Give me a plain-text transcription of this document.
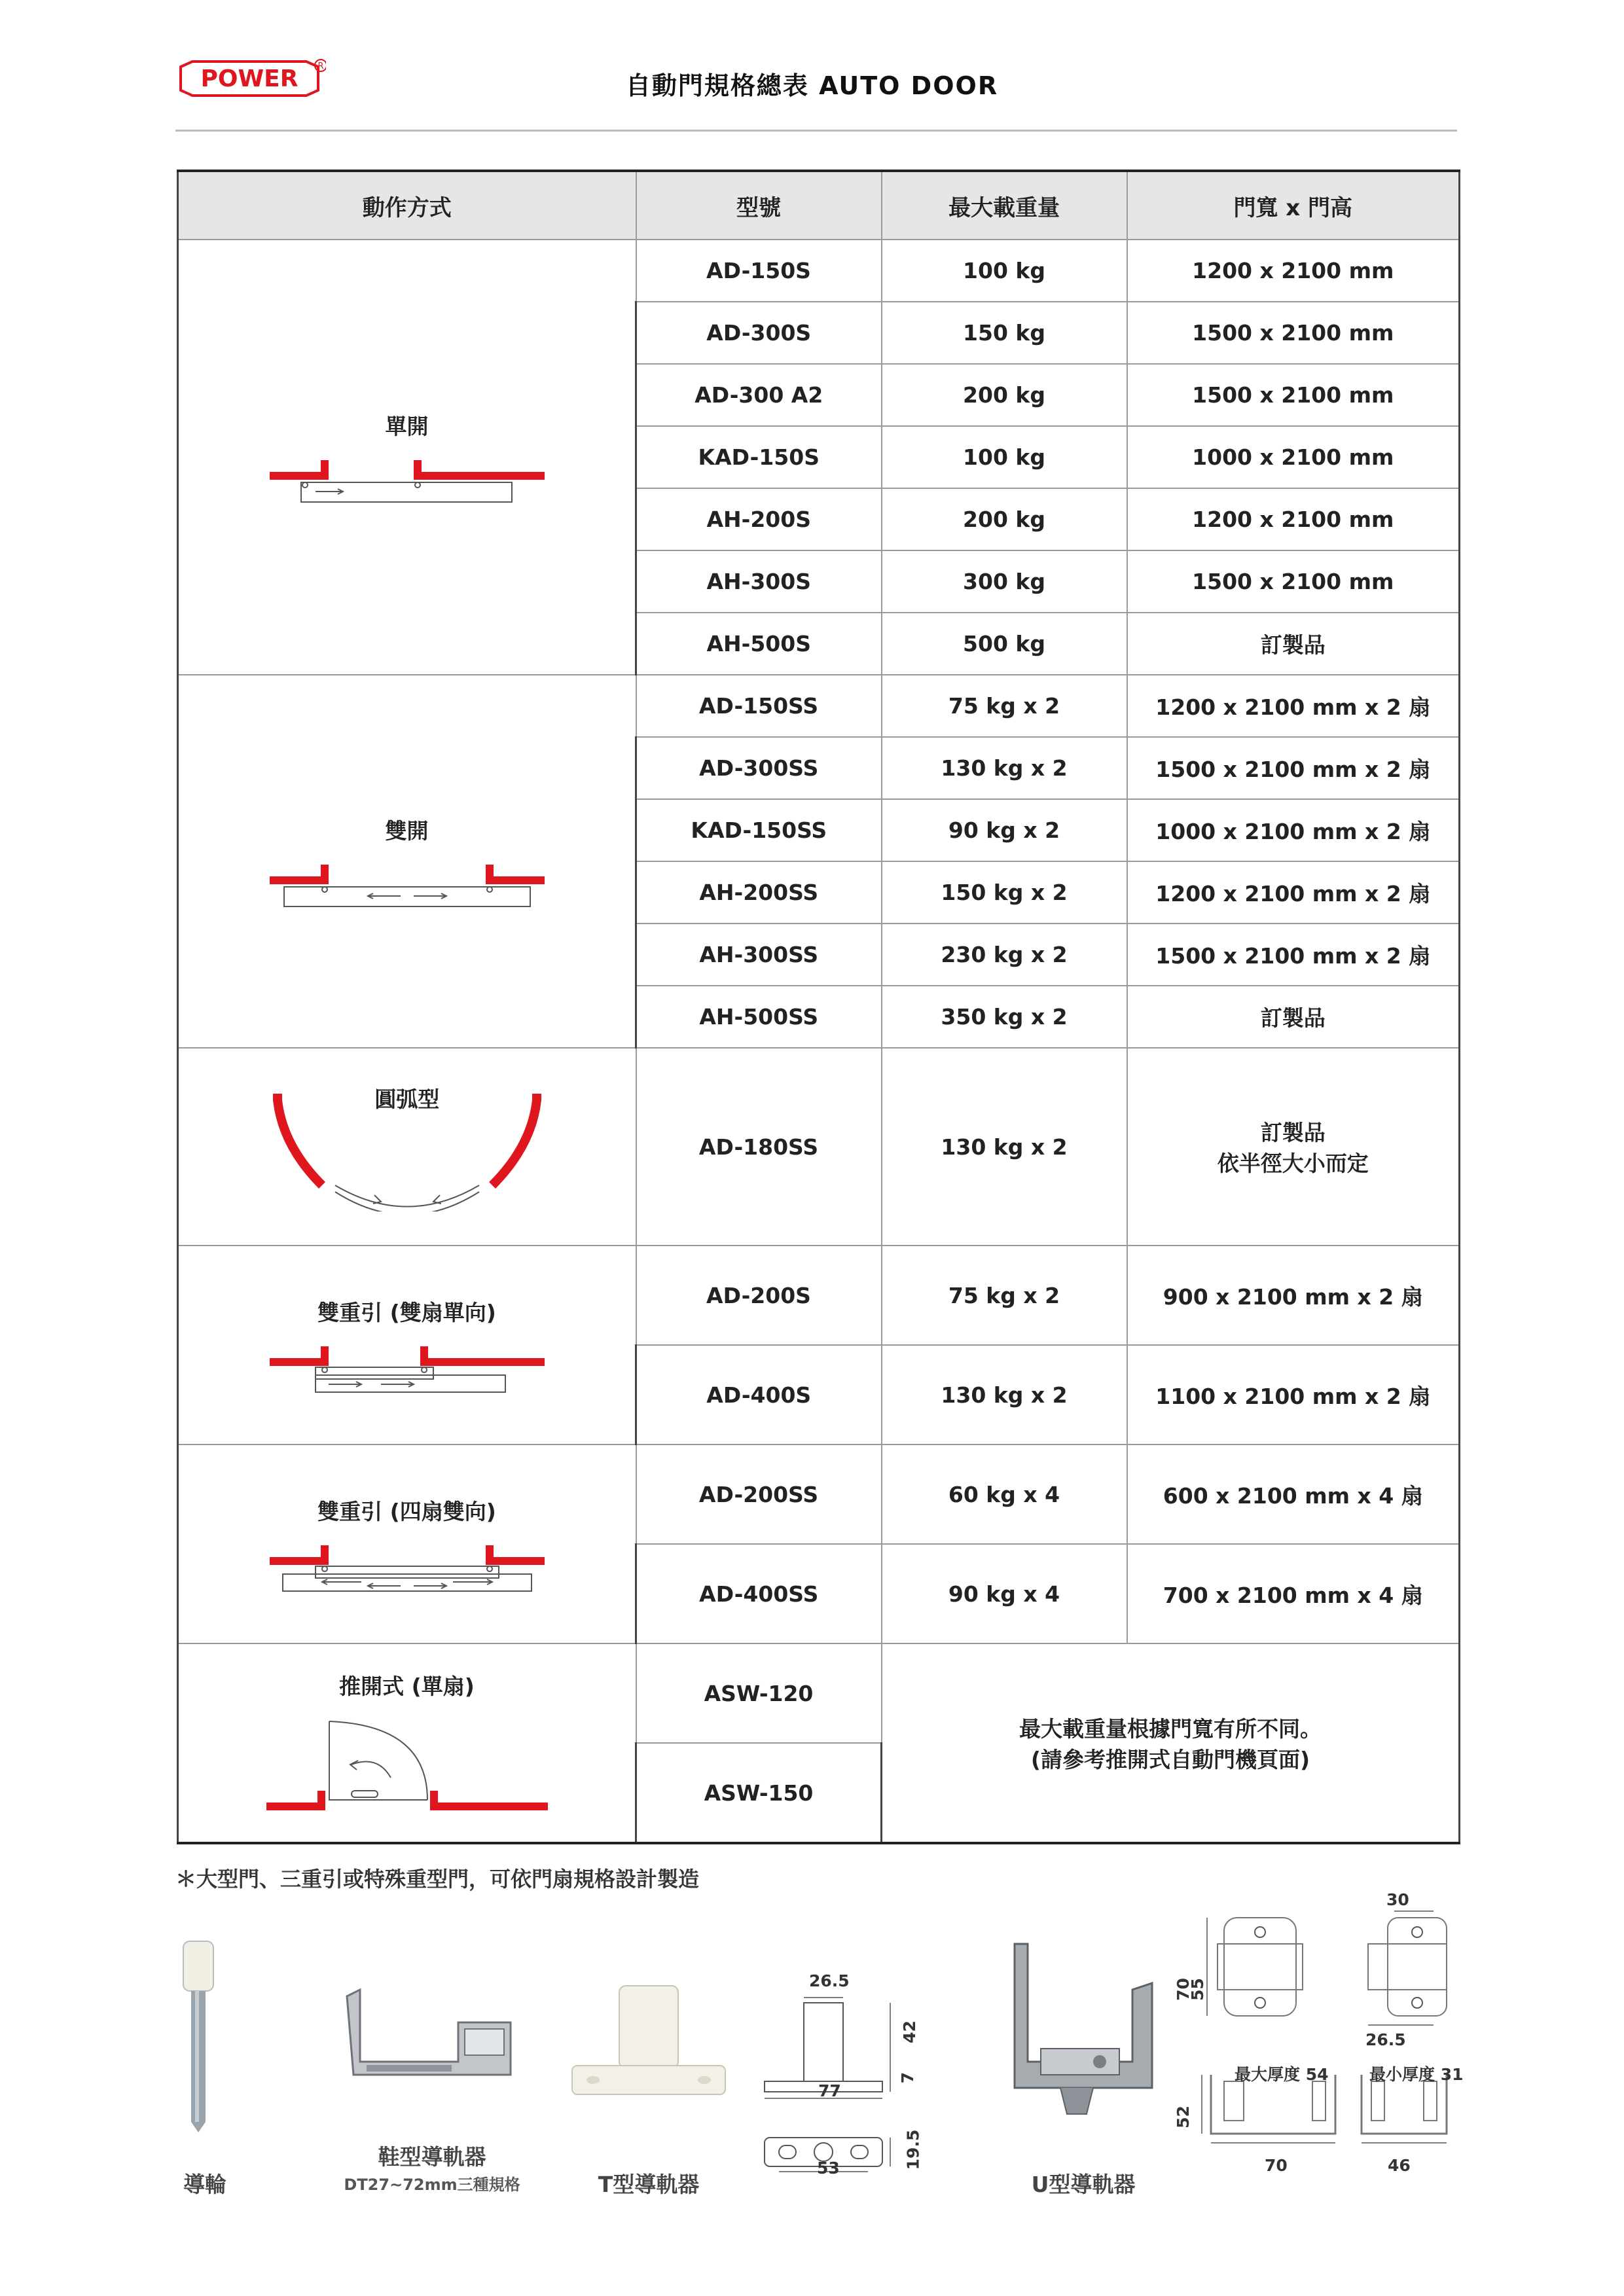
POWER R
自動門規格總表 AUTO DOOR
動作方式	型號	最大載重量	門寬 x 門高

單開	AD-150S	100 kg	1200 x 2100 mm
	AD-300S	150 kg	1500 x 2100 mm
	AD-300 A2	200 kg	1500 x 2100 mm
	KAD-150S	100 kg	1000 x 2100 mm
	AH-200S	200 kg	1200 x 2100 mm
	AH-300S	300 kg	1500 x 2100 mm
	AH-500S	500 kg	訂製品

雙開	AD-150SS	75 kg x 2	1200 x 2100 mm x 2 扇
	AD-300SS	130 kg x 2	1500 x 2100 mm x 2 扇
	KAD-150SS	90 kg x 2	1000 x 2100 mm x 2 扇
	AH-200SS	150 kg x 2	1200 x 2100 mm x 2 扇
	AH-300SS	230 kg x 2	1500 x 2100 mm x 2 扇
	AH-500SS	350 kg x 2	訂製品

圓弧型	AD-180SS	130 kg x 2	訂製品
依半徑大小而定

雙重引 (雙扇單向)	AD-200S	75 kg x 2	900 x 2100 mm x 2 扇
	AD-400S	130 kg x 2	1100 x 2100 mm x 2 扇

雙重引 (四扇雙向)	AD-200SS	60 kg x 4	600 x 2100 mm x 4 扇
	AD-400SS	90 kg x 4	700 x 2100 mm x 4 扇

推開式 (單扇)	ASW-120	最大載重量根據門寬有所不同。
(請參考推開式自動門機頁面)	

	ASW-150		
＊大型門、三重引或特殊重型門，可依門扇規格設計製造
導輪
鞋型導軌器
DT27~72mm三種規格	T型導軌器
26.5
42
7
77
53	19.5
U型導軌器
70
55
30
26.5
52
最大厚度 54	最小厚度 31
70	46
